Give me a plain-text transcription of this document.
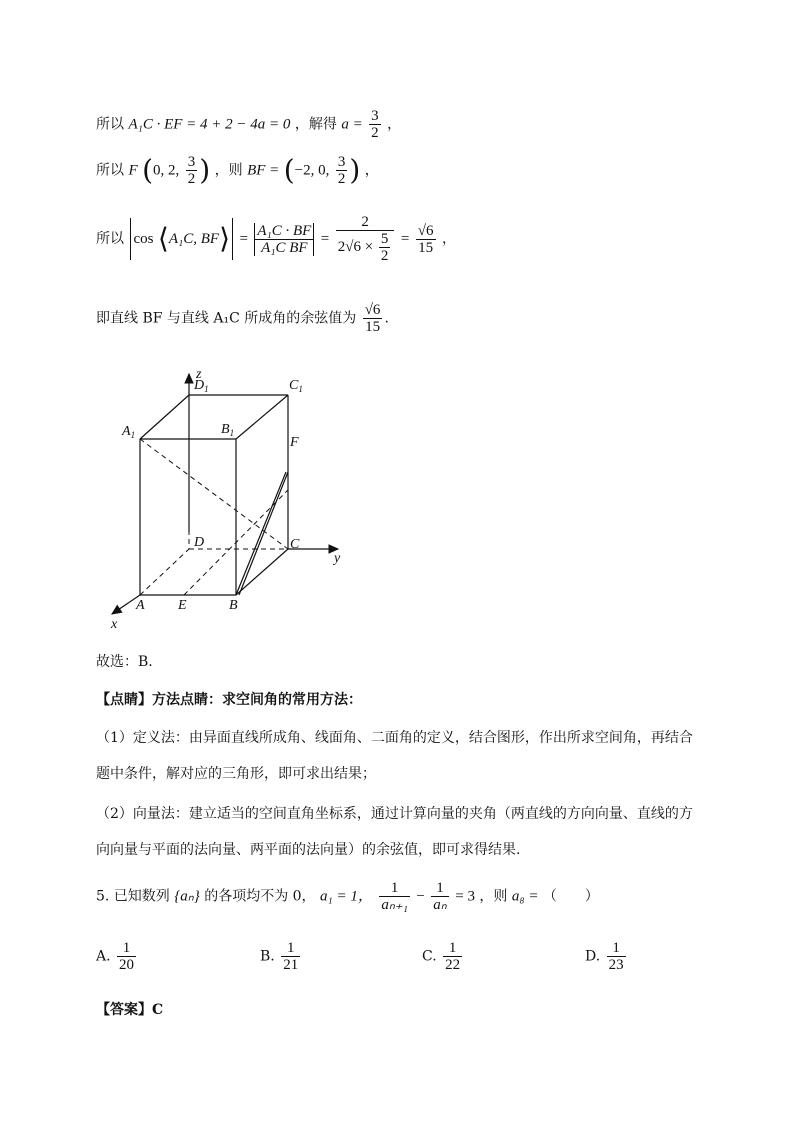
所以 A₁C · EF = 4 + 2 − 4a = 0 ，解得 $a = \frac{3}{2}$ ，
所以 F (0, 2, $\frac{3}{2}$ ) ，则 BF = (−2, 0, $\frac{3}{2}$ ) ，
所以 cos ⟨A₁C, BF⟩ = $\frac{\text{A₁C · BF}}{\text{A₁C BF}} = \frac{2}{2√6 \times \frac{5}{2}} = \frac{√6}{15}$ ，
即直线 BF 与直线 A₁C 所成角的余弦值为 $\frac{√6}{15}$ .
z
y
x
$D_1$	$C_1$
$A_1$	$B_1$
F
D	C
A E	B
故选：B.
【点睛】方法点睛：求空间角的常用方法：
（1）定义法：由异面直线所成角、线面角、二面角的定义，结合图形，作出所求空间角，再结合
题中条件，解对应的三角形，即可求出结果；
（2）向量法：建立适当的空间直角坐标系，通过计算向量的夹角（两直线的方向向量、直线的方
向向量与平面的法向量、两平面的法向量）的余弦值，即可求得结果.
5. 已知数列 {aₙ} 的各项均不为 0， a₁ = 1， $\frac{1}{\text{aₙ₊₁}} - \frac{1}{\text{aₙ}} = 3$ ，则 a₈ = （　　）
A. $\frac{1}{20}$	B. $\frac{1}{21}$	C. $\frac{1}{22}$	D. $\frac{1}{23}$
【答案】C
